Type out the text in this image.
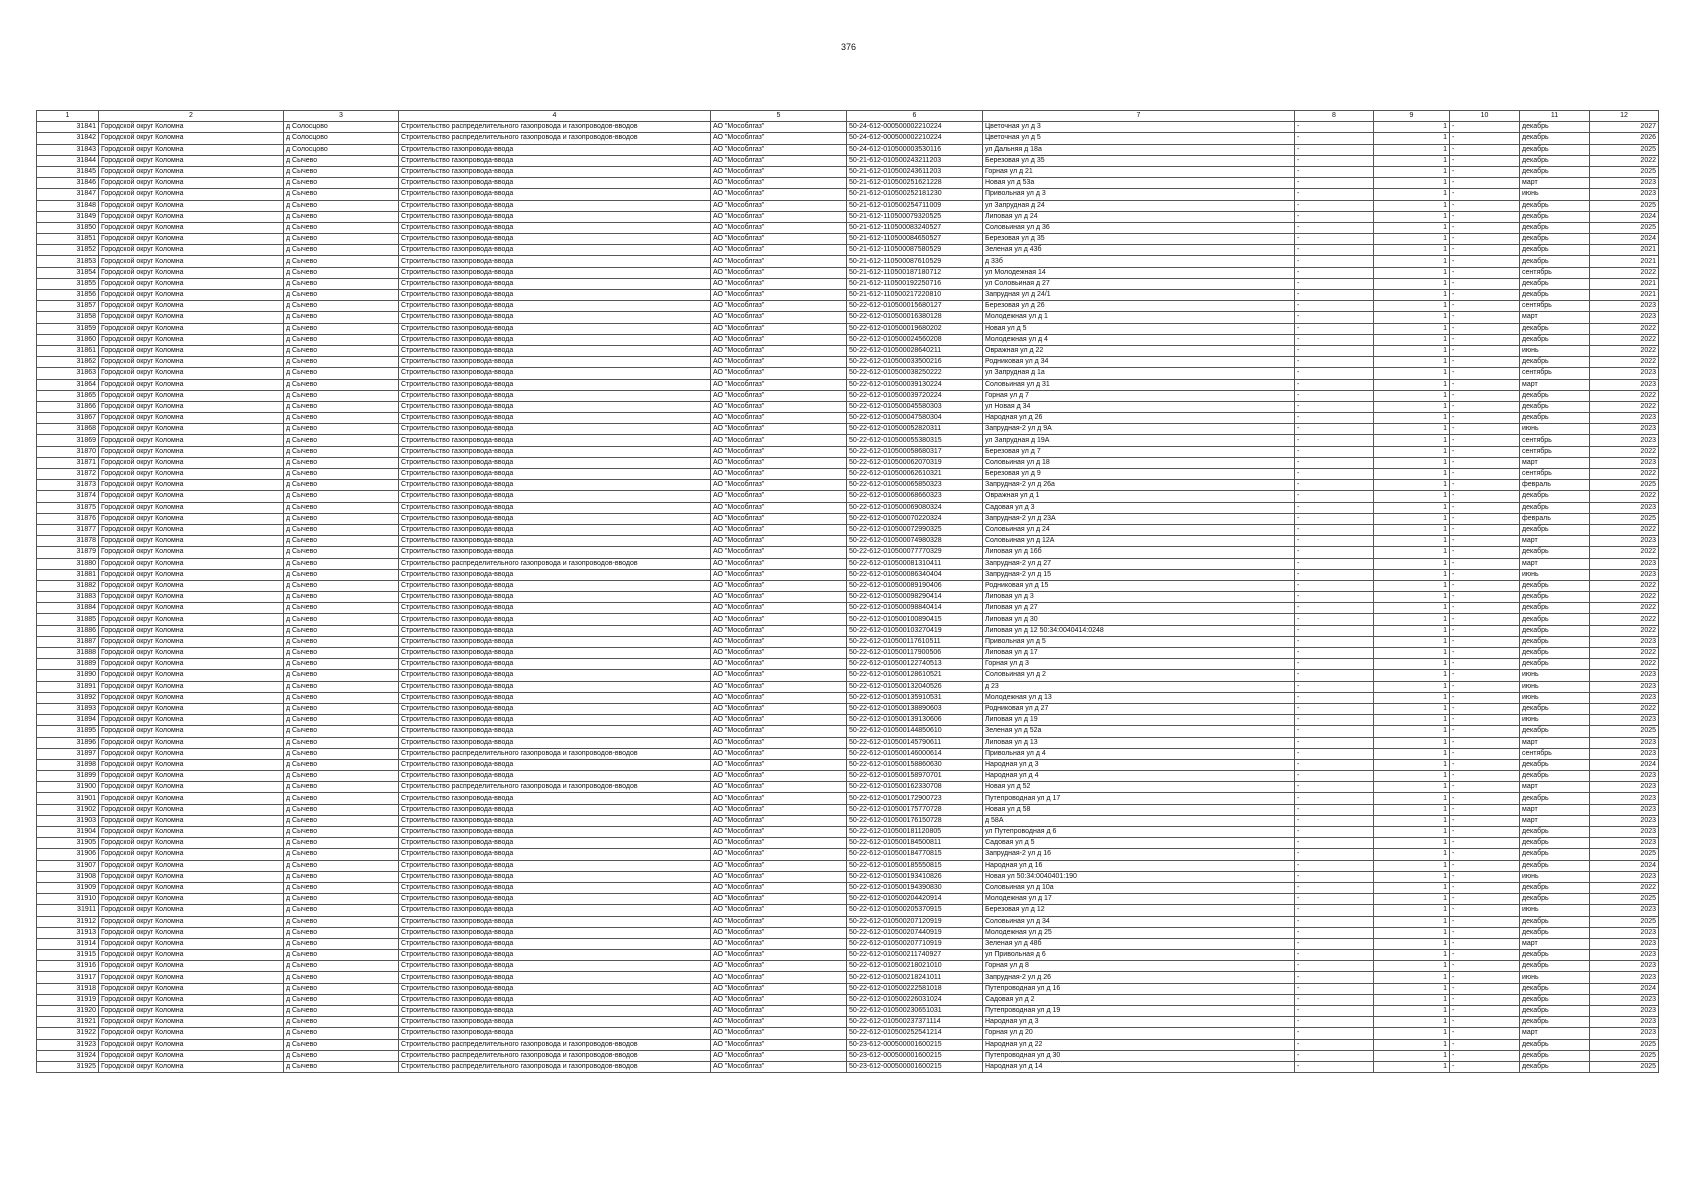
376
1	2	3	4	5	6	7	8	9	10	11	12
31841	Городской округ Коломна	д Солосцово	Строительство распределительного газопровода и газопроводов-вводов	АО "Мособлгаз"	50-24-612-000500002210224	Цветочная ул д 3	-	1	-	декабрь	2027
31842	Городской округ Коломна	д Солосцово	Строительство распределительного газопровода и газопроводов-вводов	АО "Мособлгаз"	50-24-612-000500002210224	Цветочная ул д 5	-	1	-	декабрь	2026
31843	Городской округ Коломна	д Солосцово	Строительство газопровода-ввода	АО "Мособлгаз"	50-24-612-010500003530116	ул Дальняя д 18а	-	1	-	декабрь	2025
31844	Городской округ Коломна	д Сычево	Строительство газопровода-ввода	АО "Мособлгаз"	50-21-612-010500243211203	Березовая ул д 35	-	1	-	декабрь	2022
31845	Городской округ Коломна	д Сычево	Строительство газопровода-ввода	АО "Мособлгаз"	50-21-612-010500243611203	Горная ул д 21	-	1	-	декабрь	2025
31846	Городской округ Коломна	д Сычево	Строительство газопровода-ввода	АО "Мособлгаз"	50-21-612-010500251621228	Новая ул д 53а	-	1	-	март	2023
31847	Городской округ Коломна	д Сычево	Строительство газопровода-ввода	АО "Мособлгаз"	50-21-612-010500252181230	Привольная ул д 3	-	1	-	июнь	2023
31848	Городской округ Коломна	д Сычево	Строительство газопровода-ввода	АО "Мособлгаз"	50-21-612-010500254711009	ул Запрудная д 24	-	1	-	декабрь	2025
31849	Городской округ Коломна	д Сычево	Строительство газопровода-ввода	АО "Мособлгаз"	50-21-612-110500079320525	Липовая ул д 24	-	1	-	декабрь	2024
31850	Городской округ Коломна	д Сычево	Строительство газопровода-ввода	АО "Мособлгаз"	50-21-612-110500083240527	Соловьиная ул д 36	-	1	-	декабрь	2025
31851	Городской округ Коломна	д Сычево	Строительство газопровода-ввода	АО "Мособлгаз"	50-21-612-110500084650527	Березовая ул д 35	-	1	-	декабрь	2024
31852	Городской округ Коломна	д Сычево	Строительство газопровода-ввода	АО "Мособлгаз"	50-21-612-110500087580529	Зеленая ул д 43б	-	1	-	декабрь	2021
31853	Городской округ Коломна	д Сычево	Строительство газопровода-ввода	АО "Мособлгаз"	50-21-612-110500087610529	д 33б	-	1	-	декабрь	2021
31854	Городской округ Коломна	д Сычево	Строительство газопровода-ввода	АО "Мособлгаз"	50-21-612-110500187180712	ул Молодежная 14	-	1	-	сентябрь	2022
31855	Городской округ Коломна	д Сычево	Строительство газопровода-ввода	АО "Мособлгаз"	50-21-612-110500192250716	ул Соловьиная д 27	-	1	-	декабрь	2021
31856	Городской округ Коломна	д Сычево	Строительство газопровода-ввода	АО "Мособлгаз"	50-21-612-110500217220810	Запрудная ул д 24/1	-	1	-	декабрь	2021
31857	Городской округ Коломна	д Сычево	Строительство газопровода-ввода	АО "Мособлгаз"	50-22-612-010500015680127	Березовая ул д 26	-	1	-	сентябрь	2023
31858	Городской округ Коломна	д Сычево	Строительство газопровода-ввода	АО "Мособлгаз"	50-22-612-010500016380128	Молодежная ул д 1	-	1	-	март	2023
31859	Городской округ Коломна	д Сычево	Строительство газопровода-ввода	АО "Мособлгаз"	50-22-612-010500019680202	Новая ул д 5	-	1	-	декабрь	2022
31860	Городской округ Коломна	д Сычево	Строительство газопровода-ввода	АО "Мособлгаз"	50-22-612-010500024560208	Молодежная ул д 4	-	1	-	декабрь	2022
31861	Городской округ Коломна	д Сычево	Строительство газопровода-ввода	АО "Мособлгаз"	50-22-612-010500028640211	Овражная ул д 22	-	1	-	июнь	2022
31862	Городской округ Коломна	д Сычево	Строительство газопровода-ввода	АО "Мособлгаз"	50-22-612-010500033500216	Родниковая ул д 34	-	1	-	декабрь	2022
31863	Городской округ Коломна	д Сычево	Строительство газопровода-ввода	АО "Мособлгаз"	50-22-612-010500038250222	ул Запрудная д 1а	-	1	-	сентябрь	2023
31864	Городской округ Коломна	д Сычево	Строительство газопровода-ввода	АО "Мособлгаз"	50-22-612-010500039130224	Соловьиная ул д 31	-	1	-	март	2023
31865	Городской округ Коломна	д Сычево	Строительство газопровода-ввода	АО "Мособлгаз"	50-22-612-010500039720224	Горная ул д 7	-	1	-	декабрь	2022
31866	Городской округ Коломна	д Сычево	Строительство газопровода-ввода	АО "Мособлгаз"	50-22-612-010500045580303	ул Новая д 34	-	1	-	декабрь	2022
31867	Городской округ Коломна	д Сычево	Строительство газопровода-ввода	АО "Мособлгаз"	50-22-612-010500047580304	Народная ул д 26	-	1	-	декабрь	2023
31868	Городской округ Коломна	д Сычево	Строительство газопровода-ввода	АО "Мособлгаз"	50-22-612-010500052820311	Запрудная-2 ул д 9А	-	1	-	июнь	2023
31869	Городской округ Коломна	д Сычево	Строительство газопровода-ввода	АО "Мособлгаз"	50-22-612-010500055380315	ул Запрудная д 19А	-	1	-	сентябрь	2023
31870	Городской округ Коломна	д Сычево	Строительство газопровода-ввода	АО "Мособлгаз"	50-22-612-010500058680317	Березовая ул д 7	-	1	-	сентябрь	2022
31871	Городской округ Коломна	д Сычево	Строительство газопровода-ввода	АО "Мособлгаз"	50-22-612-010500062070319	Соловьиная ул д 18	-	1	-	март	2023
31872	Городской округ Коломна	д Сычево	Строительство газопровода-ввода	АО "Мособлгаз"	50-22-612-010500062610321	Березовая ул д 9	-	1	-	сентябрь	2022
31873	Городской округ Коломна	д Сычево	Строительство газопровода-ввода	АО "Мособлгаз"	50-22-612-010500065850323	Запрудная-2 ул д 26а	-	1	-	февраль	2025
31874	Городской округ Коломна	д Сычево	Строительство газопровода-ввода	АО "Мособлгаз"	50-22-612-010500068660323	Овражная ул д 1	-	1	-	декабрь	2022
31875	Городской округ Коломна	д Сычево	Строительство газопровода-ввода	АО "Мособлгаз"	50-22-612-010500069080324	Садовая ул д 3	-	1	-	декабрь	2023
31876	Городской округ Коломна	д Сычево	Строительство газопровода-ввода	АО "Мособлгаз"	50-22-612-010500070220324	Запрудная-2 ул д 23А	-	1	-	февраль	2025
31877	Городской округ Коломна	д Сычево	Строительство газопровода-ввода	АО "Мособлгаз"	50-22-612-010500072990325	Соловьиная ул д 24	-	1	-	декабрь	2022
31878	Городской округ Коломна	д Сычево	Строительство газопровода-ввода	АО "Мособлгаз"	50-22-612-010500074980328	Соловьиная ул д 12А	-	1	-	март	2023
31879	Городской округ Коломна	д Сычево	Строительство газопровода-ввода	АО "Мособлгаз"	50-22-612-010500077770329	Липовая ул д 16б	-	1	-	декабрь	2022
31880	Городской округ Коломна	д Сычево	Строительство распределительного газопровода и газопроводов-вводов	АО "Мособлгаз"	50-22-612-010500081310411	Запрудная-2 ул д 27	-	1	-	март	2023
31881	Городской округ Коломна	д Сычево	Строительство газопровода-ввода	АО "Мособлгаз"	50-22-612-010500086340404	Запрудная-2 ул д 15	-	1	-	июнь	2023
31882	Городской округ Коломна	д Сычево	Строительство газопровода-ввода	АО "Мособлгаз"	50-22-612-010500089190406	Родниковая ул д 15	-	1	-	декабрь	2022
31883	Городской округ Коломна	д Сычево	Строительство газопровода-ввода	АО "Мособлгаз"	50-22-612-010500098290414	Липовая ул д 3	-	1	-	декабрь	2022
31884	Городской округ Коломна	д Сычево	Строительство газопровода-ввода	АО "Мособлгаз"	50-22-612-010500098840414	Липовая ул д 27	-	1	-	декабрь	2022
31885	Городской округ Коломна	д Сычево	Строительство газопровода-ввода	АО "Мособлгаз"	50-22-612-010500100890415	Липовая ул д 30	-	1	-	декабрь	2022
31886	Городской округ Коломна	д Сычево	Строительство газопровода-ввода	АО "Мособлгаз"	50-22-612-010500103270419	Липовая ул д 12 50:34:0040414:0248	-	1	-	декабрь	2022
31887	Городской округ Коломна	д Сычево	Строительство газопровода-ввода	АО "Мособлгаз"	50-22-612-010500117610511	Привольная ул д 5	-	1	-	декабрь	2023
31888	Городской округ Коломна	д Сычево	Строительство газопровода-ввода	АО "Мособлгаз"	50-22-612-010500117900506	Липовая ул д 17	-	1	-	декабрь	2022
31889	Городской округ Коломна	д Сычево	Строительство газопровода-ввода	АО "Мособлгаз"	50-22-612-010500122740513	Горная ул д 3	-	1	-	декабрь	2022
31890	Городской округ Коломна	д Сычево	Строительство газопровода-ввода	АО "Мособлгаз"	50-22-612-010500128610521	Соловьиная ул д 2	-	1	-	июнь	2023
31891	Городской округ Коломна	д Сычево	Строительство газопровода-ввода	АО "Мособлгаз"	50-22-612-010500132040526	д 23	-	1	-	июнь	2023
31892	Городской округ Коломна	д Сычево	Строительство газопровода-ввода	АО "Мособлгаз"	50-22-612-010500135910531	Молодежная ул д 13	-	1	-	июнь	2023
31893	Городской округ Коломна	д Сычево	Строительство газопровода-ввода	АО "Мособлгаз"	50-22-612-010500138890603	Родниковая ул д 27	-	1	-	декабрь	2022
31894	Городской округ Коломна	д Сычево	Строительство газопровода-ввода	АО "Мособлгаз"	50-22-612-010500139130606	Липовая ул д 19	-	1	-	июнь	2023
31895	Городской округ Коломна	д Сычево	Строительство газопровода-ввода	АО "Мособлгаз"	50-22-612-010500144850610	Зеленая ул д 52а	-	1	-	декабрь	2025
31896	Городской округ Коломна	д Сычево	Строительство газопровода-ввода	АО "Мособлгаз"	50-22-612-010500145790611	Липовая ул д 13	-	1	-	март	2023
31897	Городской округ Коломна	д Сычево	Строительство распределительного газопровода и газопроводов-вводов	АО "Мособлгаз"	50-22-612-010500146000614	Привольная ул д 4	-	1	-	сентябрь	2023
31898	Городской округ Коломна	д Сычево	Строительство газопровода-ввода	АО "Мособлгаз"	50-22-612-010500158860630	Народная ул д 3	-	1	-	декабрь	2024
31899	Городской округ Коломна	д Сычево	Строительство газопровода-ввода	АО "Мособлгаз"	50-22-612-010500158970701	Народная ул д 4	-	1	-	декабрь	2023
31900	Городской округ Коломна	д Сычево	Строительство распределительного газопровода и газопроводов-вводов	АО "Мособлгаз"	50-22-612-010500162330708	Новая ул д 52	-	1	-	март	2023
31901	Городской округ Коломна	д Сычево	Строительство газопровода-ввода	АО "Мособлгаз"	50-22-612-010500172900723	Путепроводная ул д 17	-	1	-	декабрь	2023
31902	Городской округ Коломна	д Сычево	Строительство газопровода-ввода	АО "Мособлгаз"	50-22-612-010500175770728	Новая ул д 58	-	1	-	март	2023
31903	Городской округ Коломна	д Сычево	Строительство газопровода-ввода	АО "Мособлгаз"	50-22-612-010500176150728	д 58А	-	1	-	март	2023
31904	Городской округ Коломна	д Сычево	Строительство газопровода-ввода	АО "Мособлгаз"	50-22-612-010500181120805	ул Путепроводная д 6	-	1	-	декабрь	2023
31905	Городской округ Коломна	д Сычево	Строительство газопровода-ввода	АО "Мособлгаз"	50-22-612-010500184500811	Садовая ул д 5	-	1	-	декабрь	2023
31906	Городской округ Коломна	д Сычево	Строительство газопровода-ввода	АО "Мособлгаз"	50-22-612-010500184770815	Запрудная-2 ул д 16	-	1	-	декабрь	2025
31907	Городской округ Коломна	д Сычево	Строительство газопровода-ввода	АО "Мособлгаз"	50-22-612-010500185550815	Народная ул д 16	-	1	-	декабрь	2024
31908	Городской округ Коломна	д Сычево	Строительство газопровода-ввода	АО "Мособлгаз"	50-22-612-010500193410826	Новая ул 50:34:0040401:190	-	1	-	июнь	2023
31909	Городской округ Коломна	д Сычево	Строительство газопровода-ввода	АО "Мособлгаз"	50-22-612-010500194390830	Соловьиная ул д 10а	-	1	-	декабрь	2022
31910	Городской округ Коломна	д Сычево	Строительство газопровода-ввода	АО "Мособлгаз"	50-22-612-010500204420914	Молодежная ул д 17	-	1	-	декабрь	2025
31911	Городской округ Коломна	д Сычево	Строительство газопровода-ввода	АО "Мособлгаз"	50-22-612-010500205370915	Березовая ул д 12	-	1	-	июнь	2023
31912	Городской округ Коломна	д Сычево	Строительство газопровода-ввода	АО "Мособлгаз"	50-22-612-010500207120919	Соловьиная ул д 34	-	1	-	декабрь	2025
31913	Городской округ Коломна	д Сычево	Строительство газопровода-ввода	АО "Мособлгаз"	50-22-612-010500207440919	Молодежная ул д 25	-	1	-	декабрь	2023
31914	Городской округ Коломна	д Сычево	Строительство газопровода-ввода	АО "Мособлгаз"	50-22-612-010500207710919	Зеленая ул д 48б	-	1	-	март	2023
31915	Городской округ Коломна	д Сычево	Строительство газопровода-ввода	АО "Мособлгаз"	50-22-612-010500211740927	ул Привольная д 6	-	1	-	декабрь	2023
31916	Городской округ Коломна	д Сычево	Строительство газопровода-ввода	АО "Мособлгаз"	50-22-612-010500218021010	Горная ул д 8	-	1	-	декабрь	2023
31917	Городской округ Коломна	д Сычево	Строительство газопровода-ввода	АО "Мособлгаз"	50-22-612-010500218241011	Запрудная-2 ул д 26	-	1	-	июнь	2023
31918	Городской округ Коломна	д Сычево	Строительство газопровода-ввода	АО "Мособлгаз"	50-22-612-010500222581018	Путепроводная ул д 16	-	1	-	декабрь	2024
31919	Городской округ Коломна	д Сычево	Строительство газопровода-ввода	АО "Мособлгаз"	50-22-612-010500226031024	Садовая ул д 2	-	1	-	декабрь	2023
31920	Городской округ Коломна	д Сычево	Строительство газопровода-ввода	АО "Мособлгаз"	50-22-612-010500230651031	Путепроводная ул д 19	-	1	-	декабрь	2023
31921	Городской округ Коломна	д Сычево	Строительство газопровода-ввода	АО "Мособлгаз"	50-22-612-010500237371114	Народная ул д 3	-	1	-	декабрь	2023
31922	Городской округ Коломна	д Сычево	Строительство газопровода-ввода	АО "Мособлгаз"	50-22-612-010500252541214	Горная ул д 20	-	1	-	март	2023
31923	Городской округ Коломна	д Сычево	Строительство распределительного газопровода и газопроводов-вводов	АО "Мособлгаз"	50-23-612-000500001600215	Народная ул д 22	-	1	-	декабрь	2025
31924	Городской округ Коломна	д Сычево	Строительство распределительного газопровода и газопроводов-вводов	АО "Мособлгаз"	50-23-612-000500001600215	Путепроводная ул д 30	-	1	-	декабрь	2025
31925	Городской округ Коломна	д Сычево	Строительство распределительного газопровода и газопроводов-вводов	АО "Мособлгаз"	50-23-612-000500001600215	Народная ул д 14	-	1	-	декабрь	2025
